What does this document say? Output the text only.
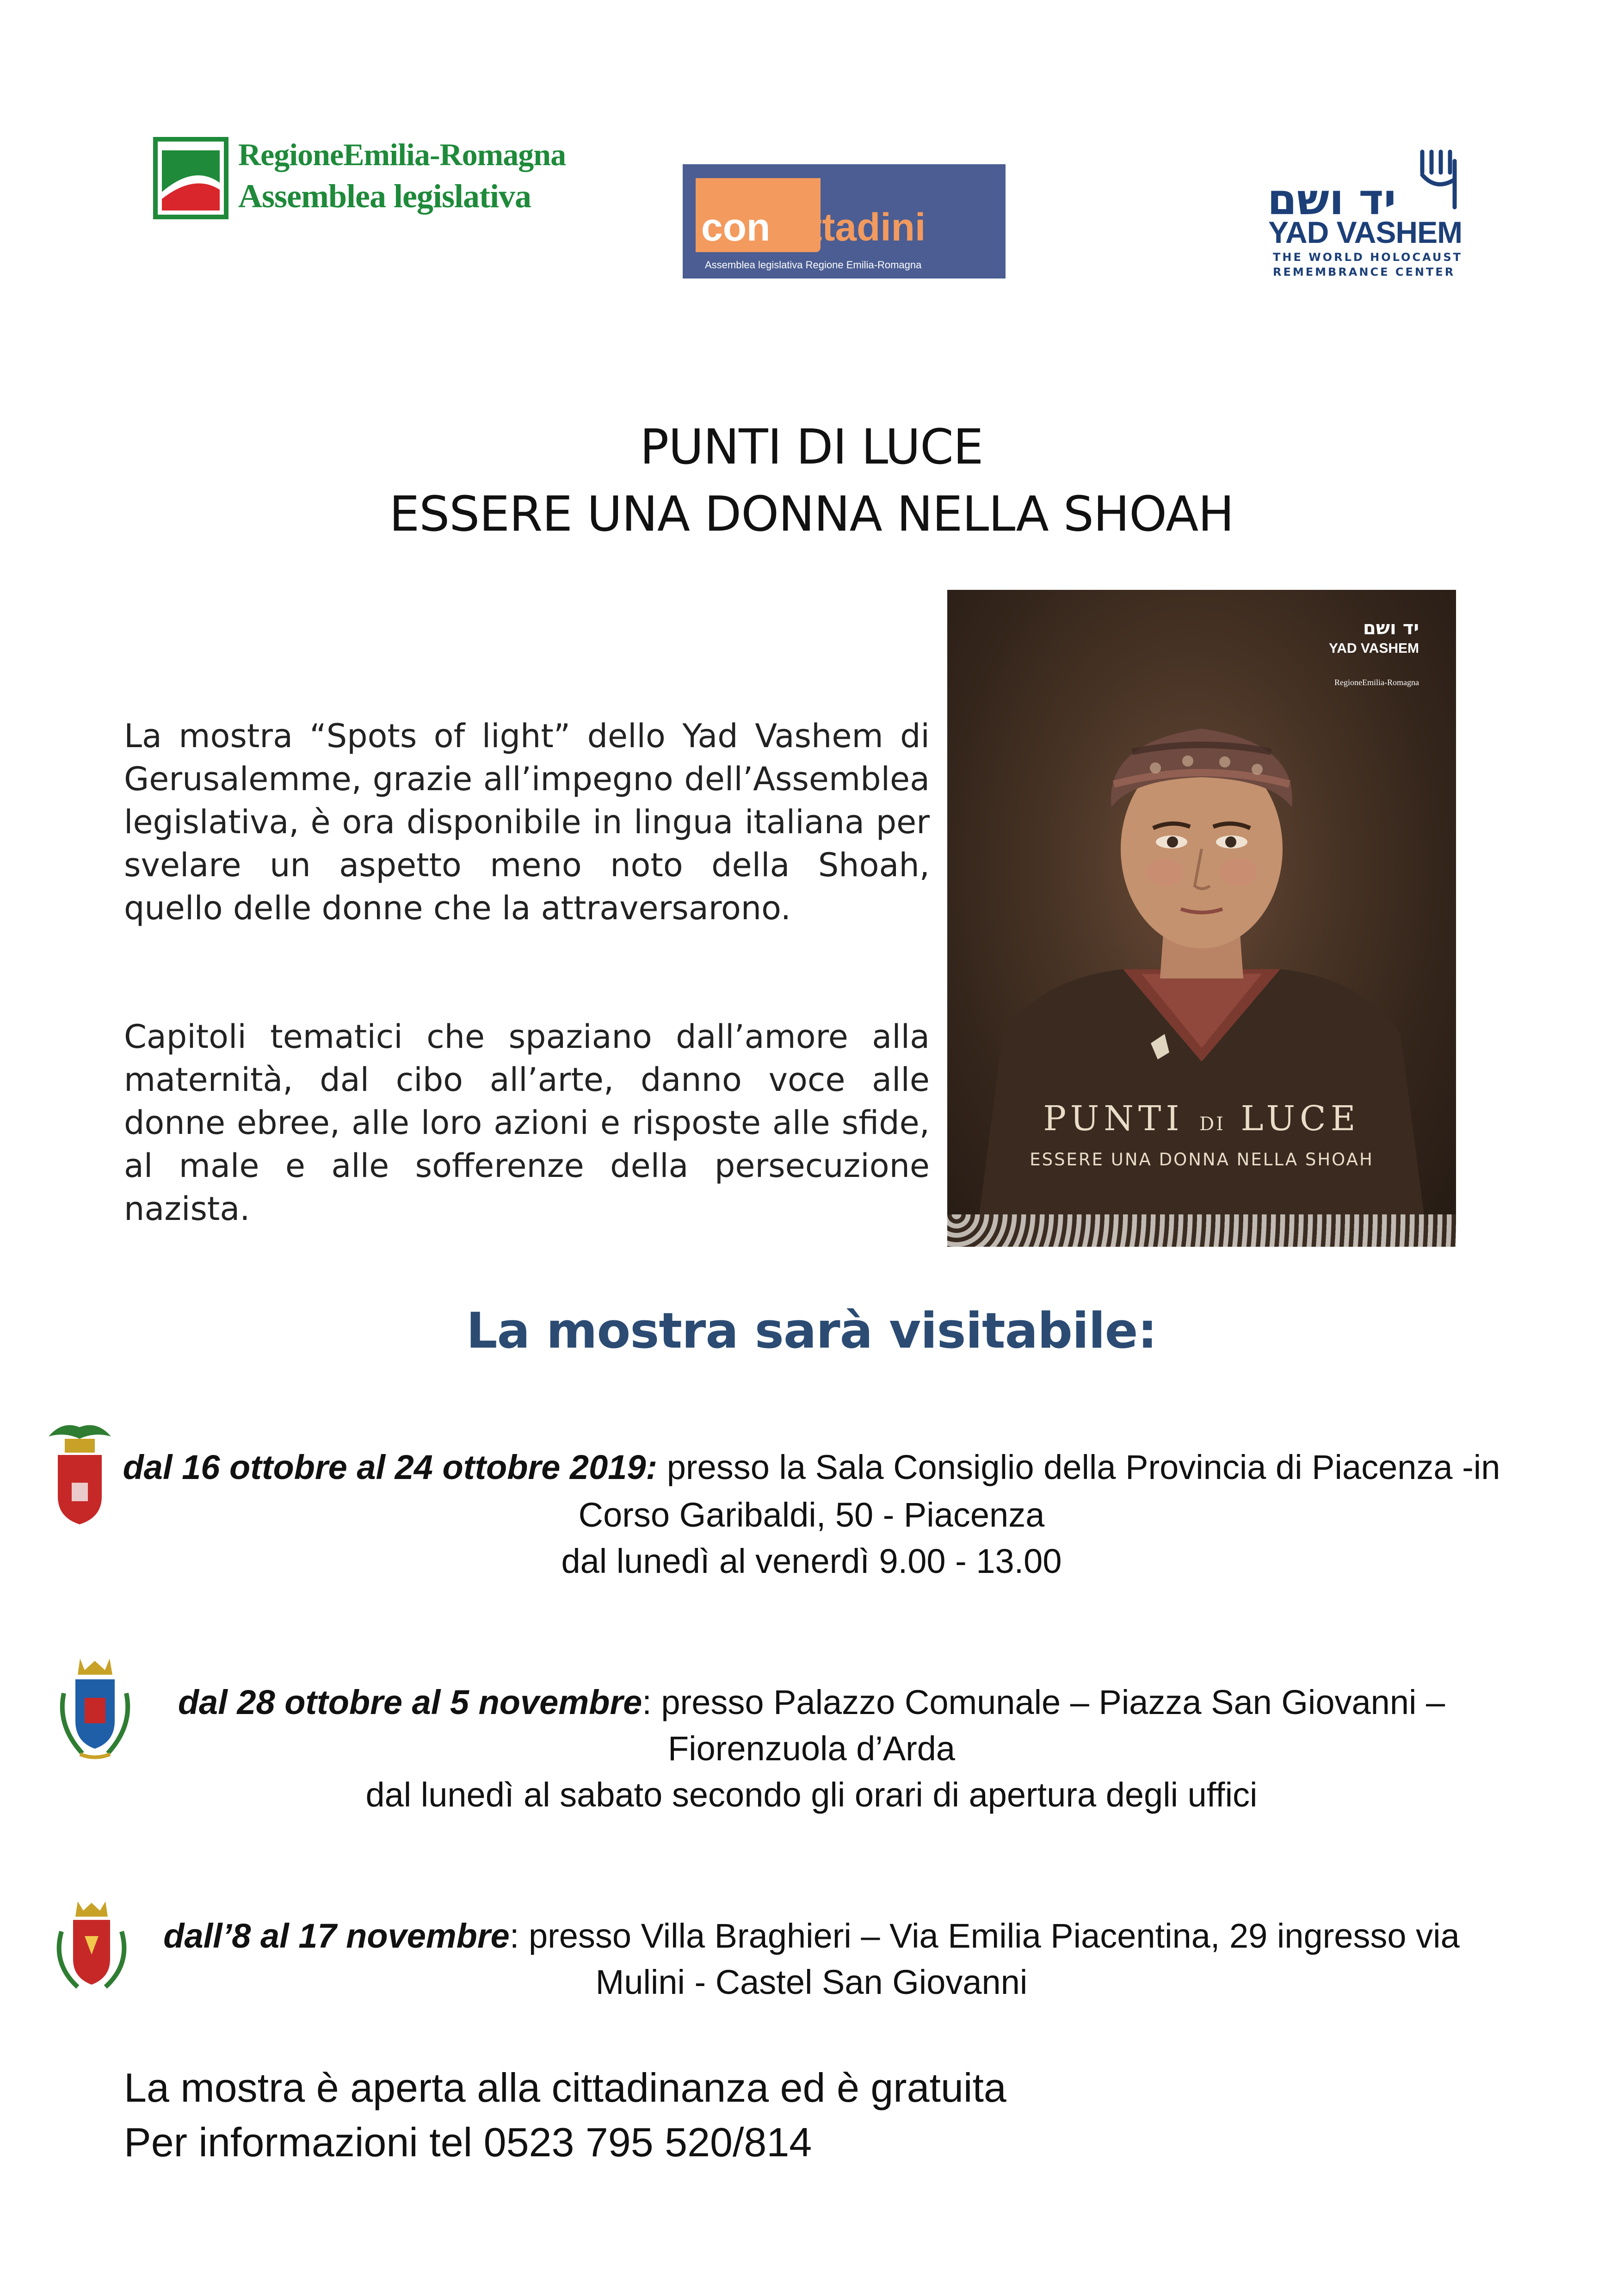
RegioneEmilia-Romagna
Assemblea legislativa
conCittadini
Assemblea legislativa Regione Emilia-Romagna
יד ושם
YAD VASHEM
THE WORLD HOLOCAUST
REMEMBRANCE CENTER
PUNTI DI LUCE
ESSERE UNA DONNA NELLA SHOAH
La mostra “Spots of light” dello Yad Vashem di Gerusalemme, grazie all’impegno dell’Assemblea legislativa, è ora disponibile in lingua italiana per svelare un aspetto meno noto della Shoah, quello delle donne che la attraversarono.
Capitoli tematici che spaziano dall’amore alla maternità, dal cibo all’arte, danno voce alle donne ebree, alle loro azioni e risposte alle sfide, al male e alle sofferenze della persecuzione nazista.
יד ושם
YAD VASHEM
RegioneEmilia-Romagna
PUNTI DI LUCE
ESSERE UNA DONNA NELLA SHOAH
La mostra sarà visitabile:
dal 16 ottobre al 24 ottobre 2019: presso la Sala Consiglio della Provincia di Piacenza -in
Corso Garibaldi, 50 - Piacenza
dal lunedì al venerdì 9.00 - 13.00
dal 28 ottobre al 5 novembre: presso Palazzo Comunale – Piazza San Giovanni –
Fiorenzuola d’Arda
dal lunedì al sabato secondo gli orari di apertura degli uffici
dall’8 al 17 novembre: presso Villa Braghieri – Via Emilia Piacentina, 29 ingresso via
Mulini - Castel San Giovanni
La mostra è aperta alla cittadinanza ed è gratuita
Per informazioni tel 0523 795 520/814
